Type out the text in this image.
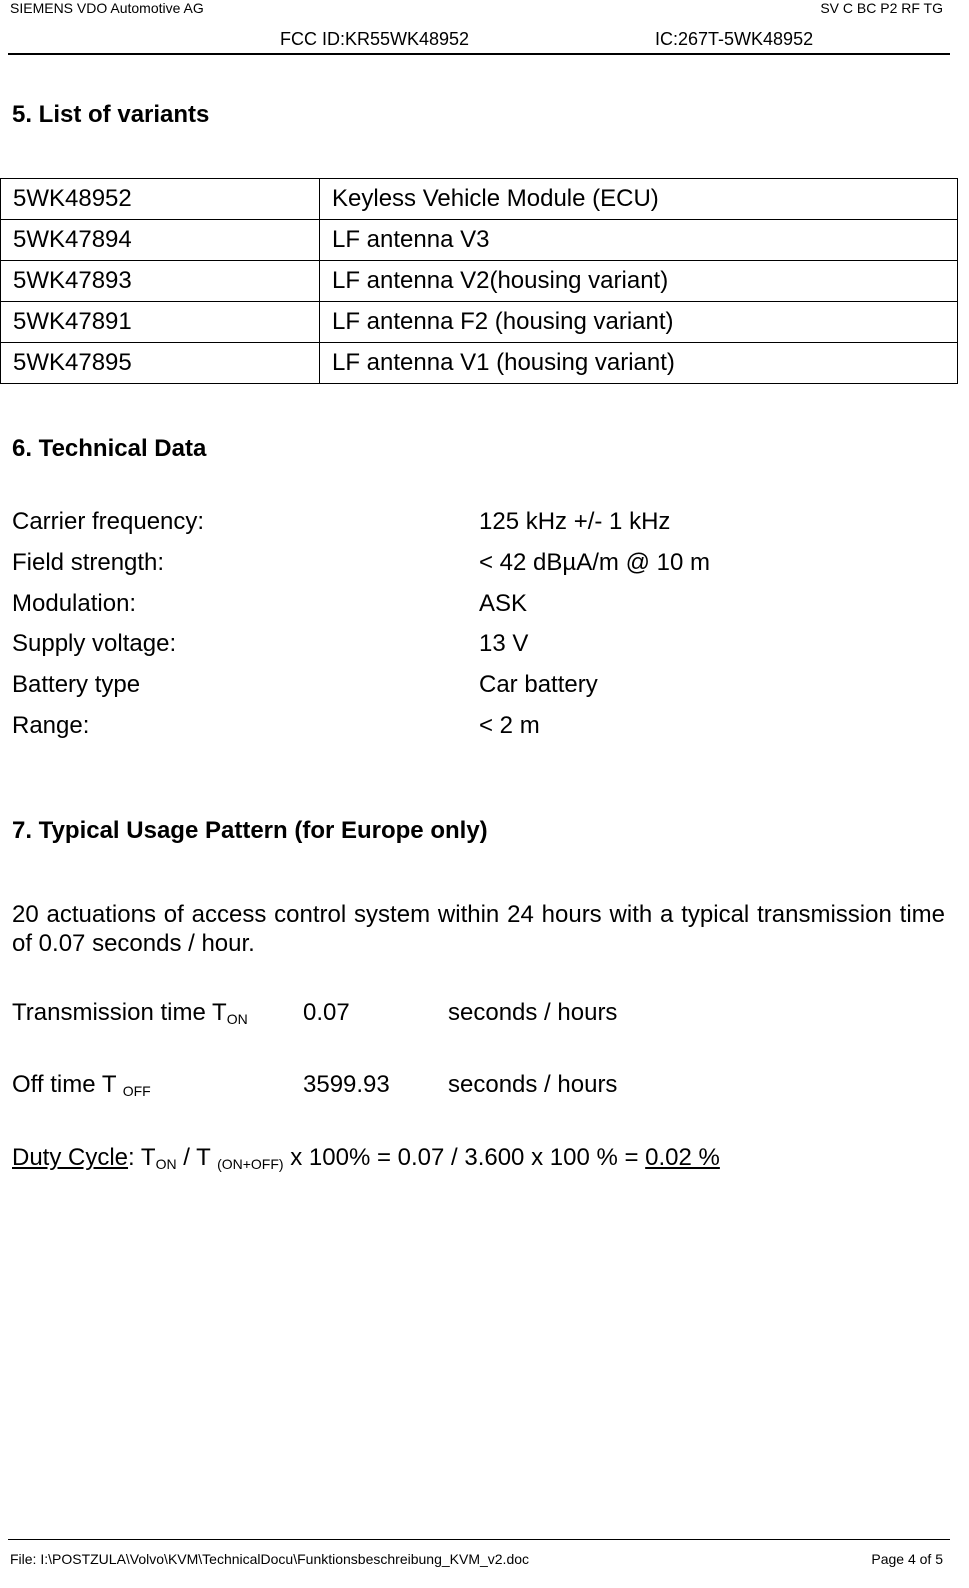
SIEMENS VDO Automotive AG	SV C BC P2 RF TG
FCC ID:KR55WK48952	IC:267T-5WK48952
5. List of variants
5WK48952	Keyless Vehicle Module (ECU)
5WK47894	LF antenna V3
5WK47893	LF antenna V2(housing variant)
5WK47891	LF antenna F2 (housing variant)
5WK47895	LF antenna V1 (housing variant)
6. Technical Data
Carrier frequency:	125 kHz +/- 1 kHz
Field strength:	< 42 dBµA/m @ 10 m
Modulation:	ASK
Supply voltage:	13 V
Battery type	Car battery
Range:	< 2 m
7. Typical Usage Pattern (for Europe only)
20 actuations of access control system within 24 hours with a typical transmission time of 0.07 seconds / hour.
Transmission time $T_{ON}$ 0.07	seconds / hours
Off time T $_{OFF}$	3599.93 seconds / hours
Duty Cycle: $T_{ON}$ / T $_{(ON+OFF)}$ x 100% = 0.07 / 3.600 x 100 % = 0.02 %
File: I:\POSTZULA\Volvo\KVM\TechnicalDocu\Funktionsbeschreibung_KVM_v2.doc	Page 4 of 5
